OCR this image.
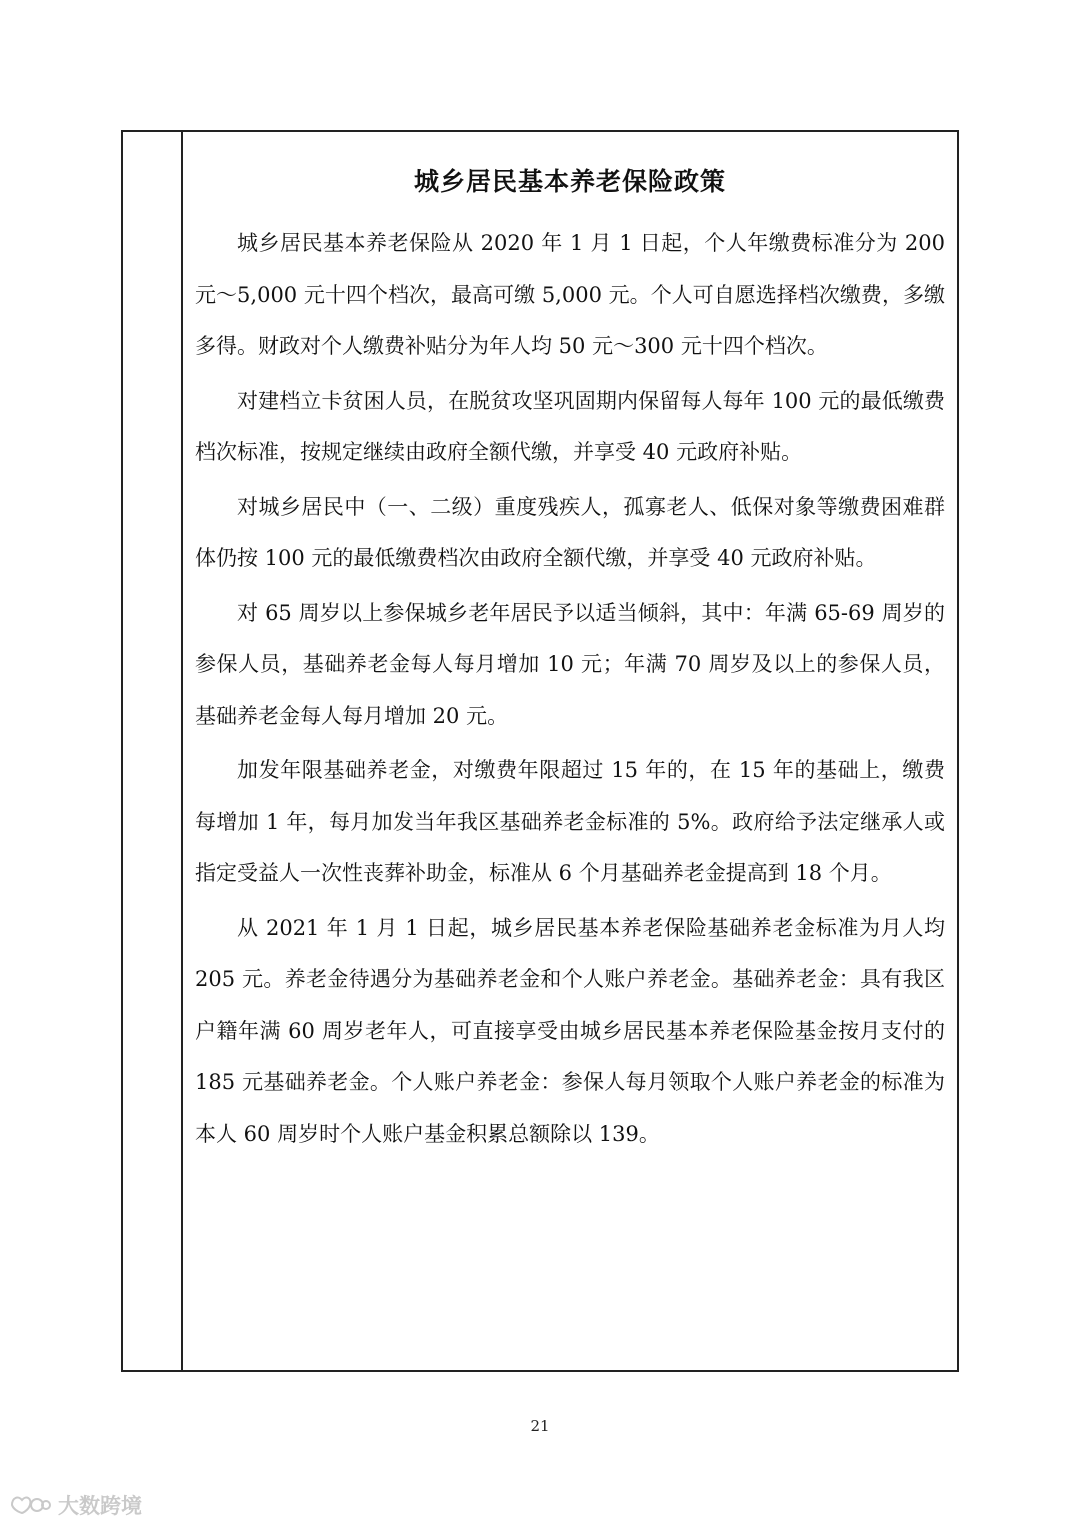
城乡居民基本养老保险政策

城乡居民基本养老保险从 2020 年 1 月 1 日起，个人年缴费标准分为 200 元～5,000 元十四个档次，最高可缴 5,000 元。个人可自愿选择档次缴费，多缴多得。财政对个人缴费补贴分为年人均 50 元～300 元十四个档次。

对建档立卡贫困人员，在脱贫攻坚巩固期内保留每人每年 100 元的最低缴费档次标准，按规定继续由政府全额代缴，并享受 40 元政府补贴。

对城乡居民中（一、二级）重度残疾人，孤寡老人、低保对象等缴费困难群体仍按 100 元的最低缴费档次由政府全额代缴，并享受 40 元政府补贴。

对 65 周岁以上参保城乡老年居民予以适当倾斜，其中：年满 65-69 周岁的参保人员，基础养老金每人每月增加 10 元；年满 70 周岁及以上的参保人员，基础养老金每人每月增加 20 元。

加发年限基础养老金，对缴费年限超过 15 年的，在 15 年的基础上，缴费每增加 1 年，每月加发当年我区基础养老金标准的 5%。政府给予法定继承人或指定受益人一次性丧葬补助金，标准从 6 个月基础养老金提高到 18 个月。

从 2021 年 1 月 1 日起，城乡居民基本养老保险基础养老金标准为月人均 205 元。养老金待遇分为基础养老金和个人账户养老金。基础养老金：具有我区户籍年满 60 周岁老年人，可直接享受由城乡居民基本养老保险基金按月支付的 185 元基础养老金。个人账户养老金：参保人每月领取个人账户养老金的标准为本人 60 周岁时个人账户基金积累总额除以 139。

21
大数跨境
